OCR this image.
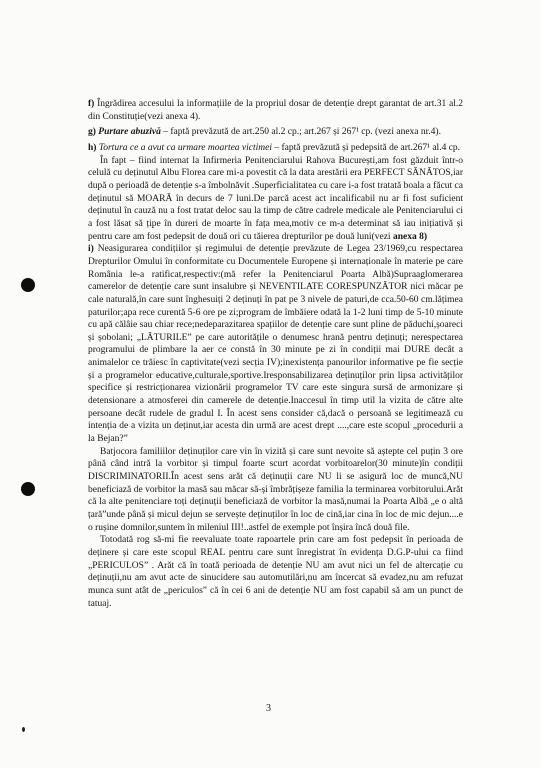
f) Îngrădirea accesului la informațiile de la propriul dosar de detenție drept garantat de art.31 al.2 din Constituție(vezi anexa 4).

g) Purtare abuzivă – faptă prevăzută de art.250 al.2 cp.; art.267 și 267¹ cp. (vezi anexa nr.4).

h) Tortura ce a avut ca urmare moartea victimei – faptă prevăzută și pedepsită de art.267¹ al.4 cp.

În fapt – fiind internat la Infirmeria Penitenciarului Rahova București,am fost găzduit într-o celulă cu deținutul Albu Florea care mi-a povestit că la data arestării era PERFECT SĂNĂTOS,iar după o perioadă de detenție s-a îmbolnăvit .Superficialitatea cu care i-a fost tratată boala a făcut ca deținutul să MOARĂ în decurs de 7 luni.De parcă acest act incalificabil nu ar fi fost suficient deținutul în cauză nu a fost tratat deloc sau la timp de către cadrele medicale ale Penitenciarului ci a fost lăsat să țipe în dureri de moarte în fața mea,motiv ce m-a determinat să iau inițiativă și pentru care am fost pedepsit de două ori cu tăierea drepturilor pe două luni(vezi anexa 8)

i) Neasigurarea condițiilor și regimului de detenție prevăzute de Legea 23/1969,cu respectarea Drepturilor Omului în conformitate cu Documentele Europene și internaționale în materie pe care România le-a ratificat,respectiv:(mă refer la Penitenciarul Poarta Albă)Supraaglomerarea camerelor de detenție care sunt insalubre și NEVENTILATE CORESPUNZĂTOR nici măcar pe cale naturală,în care sunt înghesuiți 2 deținuți în pat pe 3 nivele de paturi,de cca.50-60 cm.lățimea paturilor;apa rece curentă 5-6 ore pe zi;program de îmbăiere odată la 1-2 luni timp de 5-10 minute cu apă călâie sau chiar rece;nedeparazitarea spațiilor de detenție care sunt pline de păduchi,șoareci și șobolani; „LĂTURILE” pe care autoritățile o denumesc hrană pentru deținuți; nerespectarea programului de plimbare la aer ce constă în 30 minute pe zi în condiții mai DURE decât a animalelor ce trăiesc în captivitate(vezi secția IV);inexistența panourilor informative pe fie secție și a programelor educative,culturale,sportive.Iresponsabilizarea deținuților prin lipsa activităților specifice și restricționarea vizionării programelor TV care este singura sursă de armonizare și detensionare a atmosferei din camerele de detenție.Inaccesul în timp util la vizita de către alte persoane decât rudele de gradul I. În acest sens consider că,dacă o persoană se legitimează cu intenția de a vizita un deținut,iar acesta din urmă are acest drept ....,care este scopul „procedurii a la Bejan?”

Batjocora familiilor deținuților care vin în vizită și care sunt nevoite să aștepte cel puțin 3 ore până când intră la vorbitor și timpul foarte scurt acordat vorbitoarelor(30 minute)în condiții DISCRIMINATORII.În acest sens arăt că deținuții care NU li se asigură loc de muncă,NU beneficiază de vorbitor la masă sau măcar să-și îmbrățișeze familia la terminarea vorbitorului.Arăt că la alte penitenciare toți deținuții beneficiază de vorbitor la masă,numai la Poarta Albă „e o altă țară”unde până și micul dejun se servește deținuților în loc de cină,iar cina în loc de mic dejun....e o rușine domnilor,suntem în mileniul III!..astfel de exemple pot înșira încă două file.

Totodată rog să-mi fie reevaluate toate rapoartele prin care am fost pedepsit în perioada de deținere și care este scopul REAL pentru care sunt înregistrat în evidența D.G.P-ului ca fiind „PERICULOS” . Arăt că în toată perioada de detenție NU am avut nici un fel de altercație cu deținuții,nu am avut acte de sinucidere sau automutilări,nu am încercat să evadez,nu am refuzat munca sunt atât de „periculos” că în cei 6 ani de detenție NU am fost capabil să am un punct de tatuaj.

3
